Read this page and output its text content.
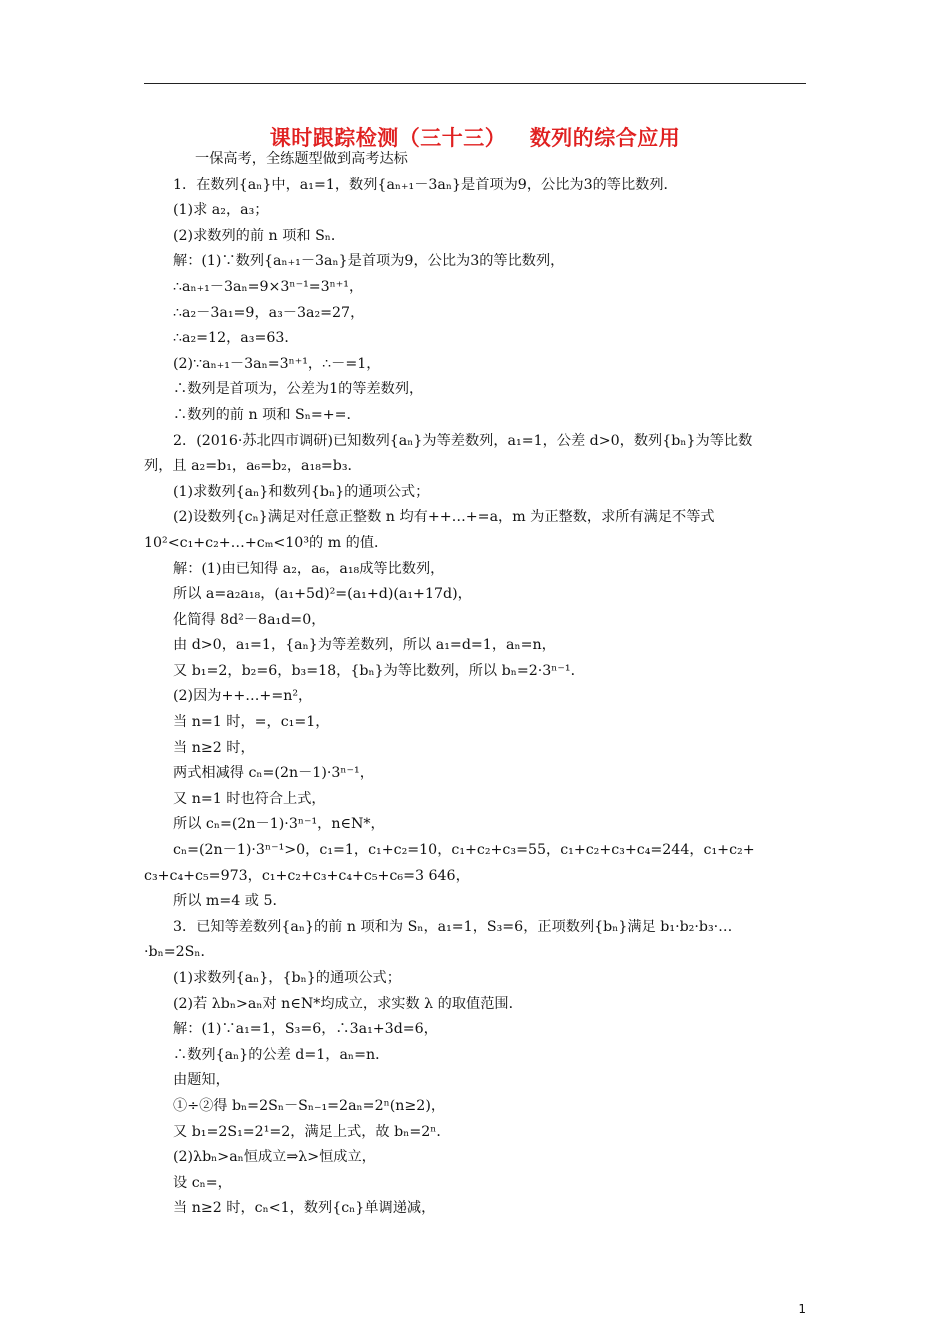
课时跟踪检测（三十三）   数列的综合应用
一保高考，全练题型做到高考达标
1．在数列{aₙ}中，a₁=1，数列{aₙ₊₁－3aₙ}是首项为9，公比为3的等比数列．
(1)求 a₂，a₃；
(2)求数列的前 n 项和 Sₙ．
解：(1)∵数列{aₙ₊₁－3aₙ}是首项为9，公比为3的等比数列，
∴aₙ₊₁－3aₙ=9×3ⁿ⁻¹=3ⁿ⁺¹，
∴a₂－3a₁=9，a₃－3a₂=27，
∴a₂=12，a₃=63．
(2)∵aₙ₊₁－3aₙ=3ⁿ⁺¹，∴－=1，
∴数列是首项为，公差为1的等差数列，
∴数列的前 n 项和 Sₙ=+=．
2．(2016·苏北四市调研)已知数列{aₙ}为等差数列，a₁=1，公差 d>0，数列{bₙ}为等比数
列，且 a₂=b₁，a₆=b₂，a₁₈=b₃．
(1)求数列{aₙ}和数列{bₙ}的通项公式；
(2)设数列{cₙ}满足对任意正整数 n 均有++…+=a，m 为正整数，求所有满足不等式
10²<c₁+c₂+…+cₘ<10³的 m 的值．
解：(1)由已知得 a₂，a₆，a₁₈成等比数列，
所以 a=a₂a₁₈，(a₁+5d)²=(a₁+d)(a₁+17d)，
化简得 8d²－8a₁d=0，
由 d>0，a₁=1，{aₙ}为等差数列，所以 a₁=d=1，aₙ=n，
又 b₁=2，b₂=6，b₃=18，{bₙ}为等比数列，所以 bₙ=2·3ⁿ⁻¹．
(2)因为++…+=n²，
当 n=1 时，=，c₁=1，
当 n≥2 时，
两式相减得 cₙ=(2n－1)·3ⁿ⁻¹，
又 n=1 时也符合上式，
所以 cₙ=(2n－1)·3ⁿ⁻¹，n∈N*，
cₙ=(2n－1)·3ⁿ⁻¹>0，c₁=1，c₁+c₂=10，c₁+c₂+c₃=55，c₁+c₂+c₃+c₄=244，c₁+c₂+
c₃+c₄+c₅=973，c₁+c₂+c₃+c₄+c₅+c₆=3 646，
所以 m=4 或 5．
3．已知等差数列{aₙ}的前 n 项和为 Sₙ，a₁=1，S₃=6，正项数列{bₙ}满足 b₁·b₂·b₃·…
·bₙ=2Sₙ．
(1)求数列{aₙ}，{bₙ}的通项公式；
(2)若 λbₙ>aₙ对 n∈N*均成立，求实数 λ 的取值范围．
解：(1)∵a₁=1，S₃=6，∴3a₁+3d=6，
∴数列{aₙ}的公差 d=1，aₙ=n．
由题知，
①÷②得 bₙ=2Sₙ－Sₙ₋₁=2aₙ=2ⁿ(n≥2)，
又 b₁=2S₁=2¹=2，满足上式，故 bₙ=2ⁿ．
(2)λbₙ>aₙ恒成立⇒λ>恒成立，
设 cₙ=，
当 n≥2 时，cₙ<1，数列{cₙ}单调递减，
1
